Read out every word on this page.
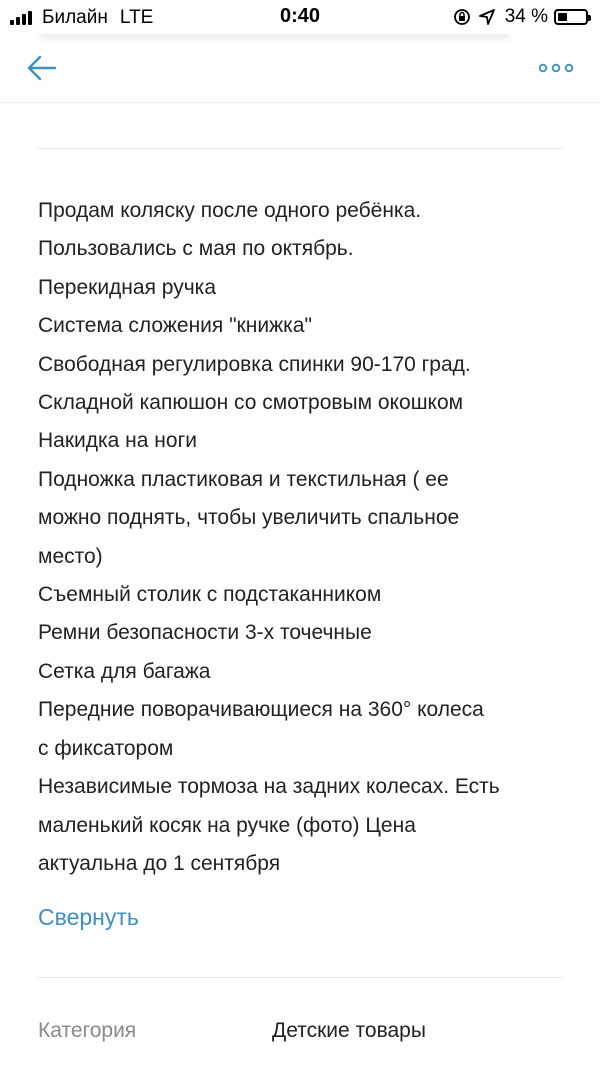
Билайн LTE	0:40	34 %
Продам коляску после одного ребёнка.
Пользовались с мая по октябрь.
Перекидная ручка
Система сложения "книжка"
Свободная регулировка спинки 90-170 град.
Складной капюшон со смотровым окошком
Накидка на ноги
Подножка пластиковая и текстильная ( ее
можно поднять, чтобы увеличить спальное
место)
Съемный столик с подстаканником
Ремни безопасности 3-х точечные
Сетка для багажа
Передние поворачивающиеся на 360° колеса
с фиксатором
Независимые тормоза на задних колесах. Есть
маленький косяк на ручке (фото) Цена
актуальна до 1 сентября
Свернуть
Категория	Детские товары
